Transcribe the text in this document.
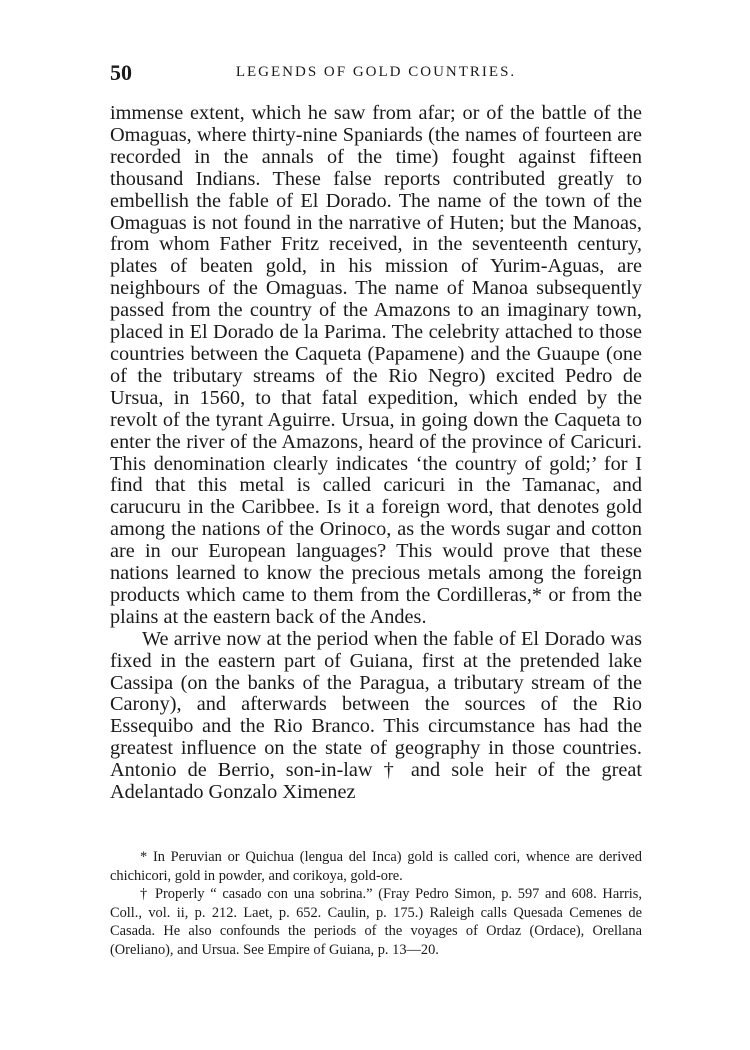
50	LEGENDS OF GOLD COUNTRIES.

immense extent, which he saw from afar; or of the battle of the Omaguas, where thirty-nine Spaniards (the names of fourteen are recorded in the annals of the time) fought against fifteen thousand Indians. These false reports contributed greatly to embellish the fable of El Dorado. The name of the town of the Omaguas is not found in the narrative of Huten; but the Manoas, from whom Father Fritz received, in the seventeenth century, plates of beaten gold, in his mission of Yurim-Aguas, are neighbours of the Omaguas. The name of Manoa subsequently passed from the country of the Amazons to an imaginary town, placed in El Dorado de la Parima. The celebrity attached to those countries between the Caqueta (Papamene) and the Guaupe (one of the tributary streams of the Rio Negro) excited Pedro de Ursua, in 1560, to that fatal expedition, which ended by the revolt of the tyrant Aguirre. Ursua, in going down the Caqueta to enter the river of the Amazons, heard of the province of Caricuri. This denomination clearly indicates ‘the country of gold;’ for I find that this metal is called caricuri in the Tamanac, and carucuru in the Caribbee. Is it a foreign word, that denotes gold among the nations of the Orinoco, as the words sugar and cotton are in our European languages? This would prove that these nations learned to know the precious metals among the foreign products which came to them from the Cordilleras,* or from the plains at the eastern back of the Andes.

We arrive now at the period when the fable of El Dorado was fixed in the eastern part of Guiana, first at the pretended lake Cassipa (on the banks of the Paragua, a tributary stream of the Carony), and afterwards between the sources of the Rio Essequibo and the Rio Branco. This circumstance has had the greatest influence on the state of geography in those countries. Antonio de Berrio, son-in-law † and sole heir of the great Adelantado Gonzalo Ximenez

* In Peruvian or Quichua (lengua del Inca) gold is called cori, whence are derived chichicori, gold in powder, and corikoya, gold-ore.

† Properly “ casado con una sobrina.” (Fray Pedro Simon, p. 597 and 608. Harris, Coll., vol. ii, p. 212. Laet, p. 652. Caulin, p. 175.) Raleigh calls Quesada Cemenes de Casada. He also confounds the periods of the voyages of Ordaz (Ordace), Orellana (Oreliano), and Ursua. See Empire of Guiana, p. 13—20.
